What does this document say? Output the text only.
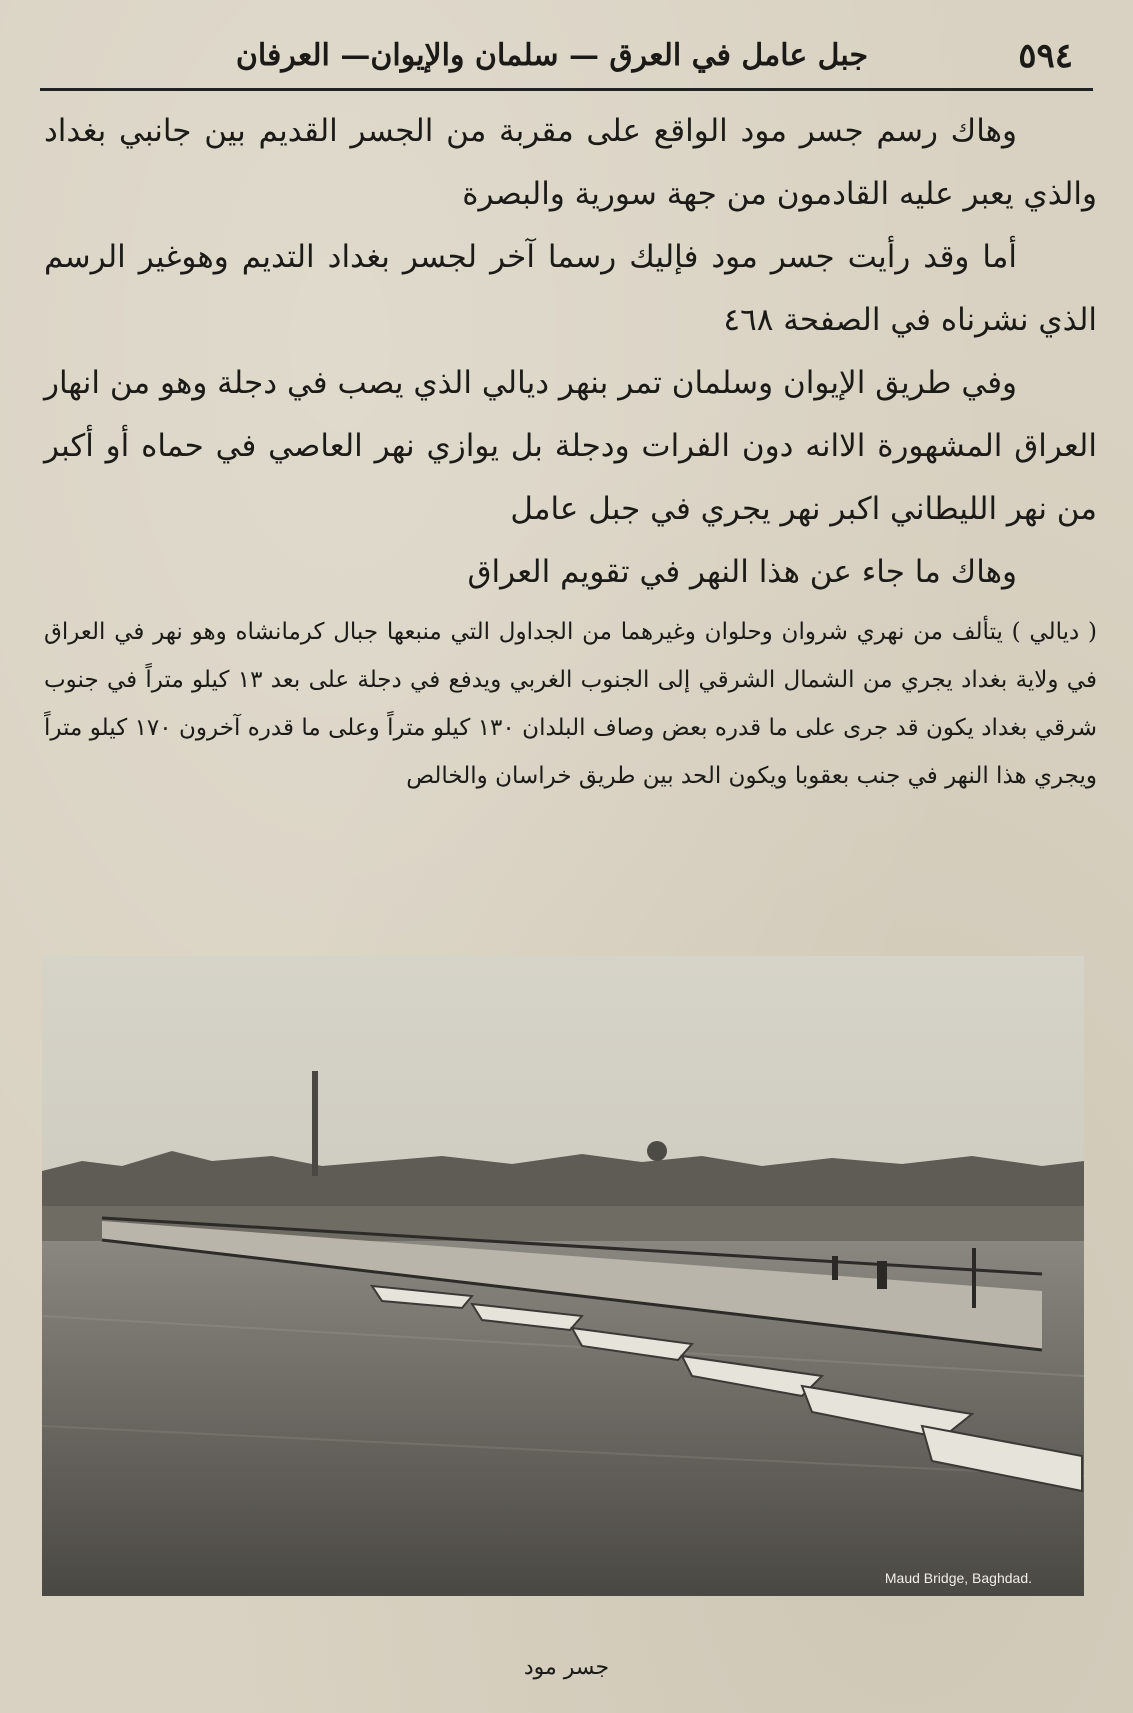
٥٩٤
جبل عامل في العرق — سلمان والإيوان— العرفان

وهاك رسم جسر مود الواقع على مقربة من الجسر القديم بين جانبي بغداد والذي يعبر عليه القادمون من جهة سورية والبصرة

أما وقد رأيت جسر مود فإليك رسما آخر لجسر بغداد التديم وهوغير الرسم الذي نشرناه في الصفحة ٤٦٨

وفي طريق الإيوان وسلمان تمر بنهر ديالي الذي يصب في دجلة وهو من انهار العراق المشهورة الاانه دون الفرات ودجلة بل يوازي نهر العاصي في حماه أو أكبر من نهر الليطاني اكبر نهر يجري في جبل عامل

وهاك ما جاء عن هذا النهر في تقويم العراق

( ديالي ) يتألف من نهري شروان وحلوان وغيرهما من الجداول التي منبعها جبال كرمانشاه وهو نهر في العراق في ولاية بغداد يجري من الشمال الشرقي إلى الجنوب الغربي ويدفع في دجلة على بعد ١٣ كيلو متراً في جنوب شرقي بغداد يكون قد جرى على ما قدره بعض وصاف البلدان ١٣٠ كيلو متراً وعلى ما قدره آخرون ١٧٠ كيلو متراً ويجري هذا النهر في جنب بعقوبا ويكون الحد بين طريق خراسان والخالص

Maud Bridge, Baghdad.
جسر مود
